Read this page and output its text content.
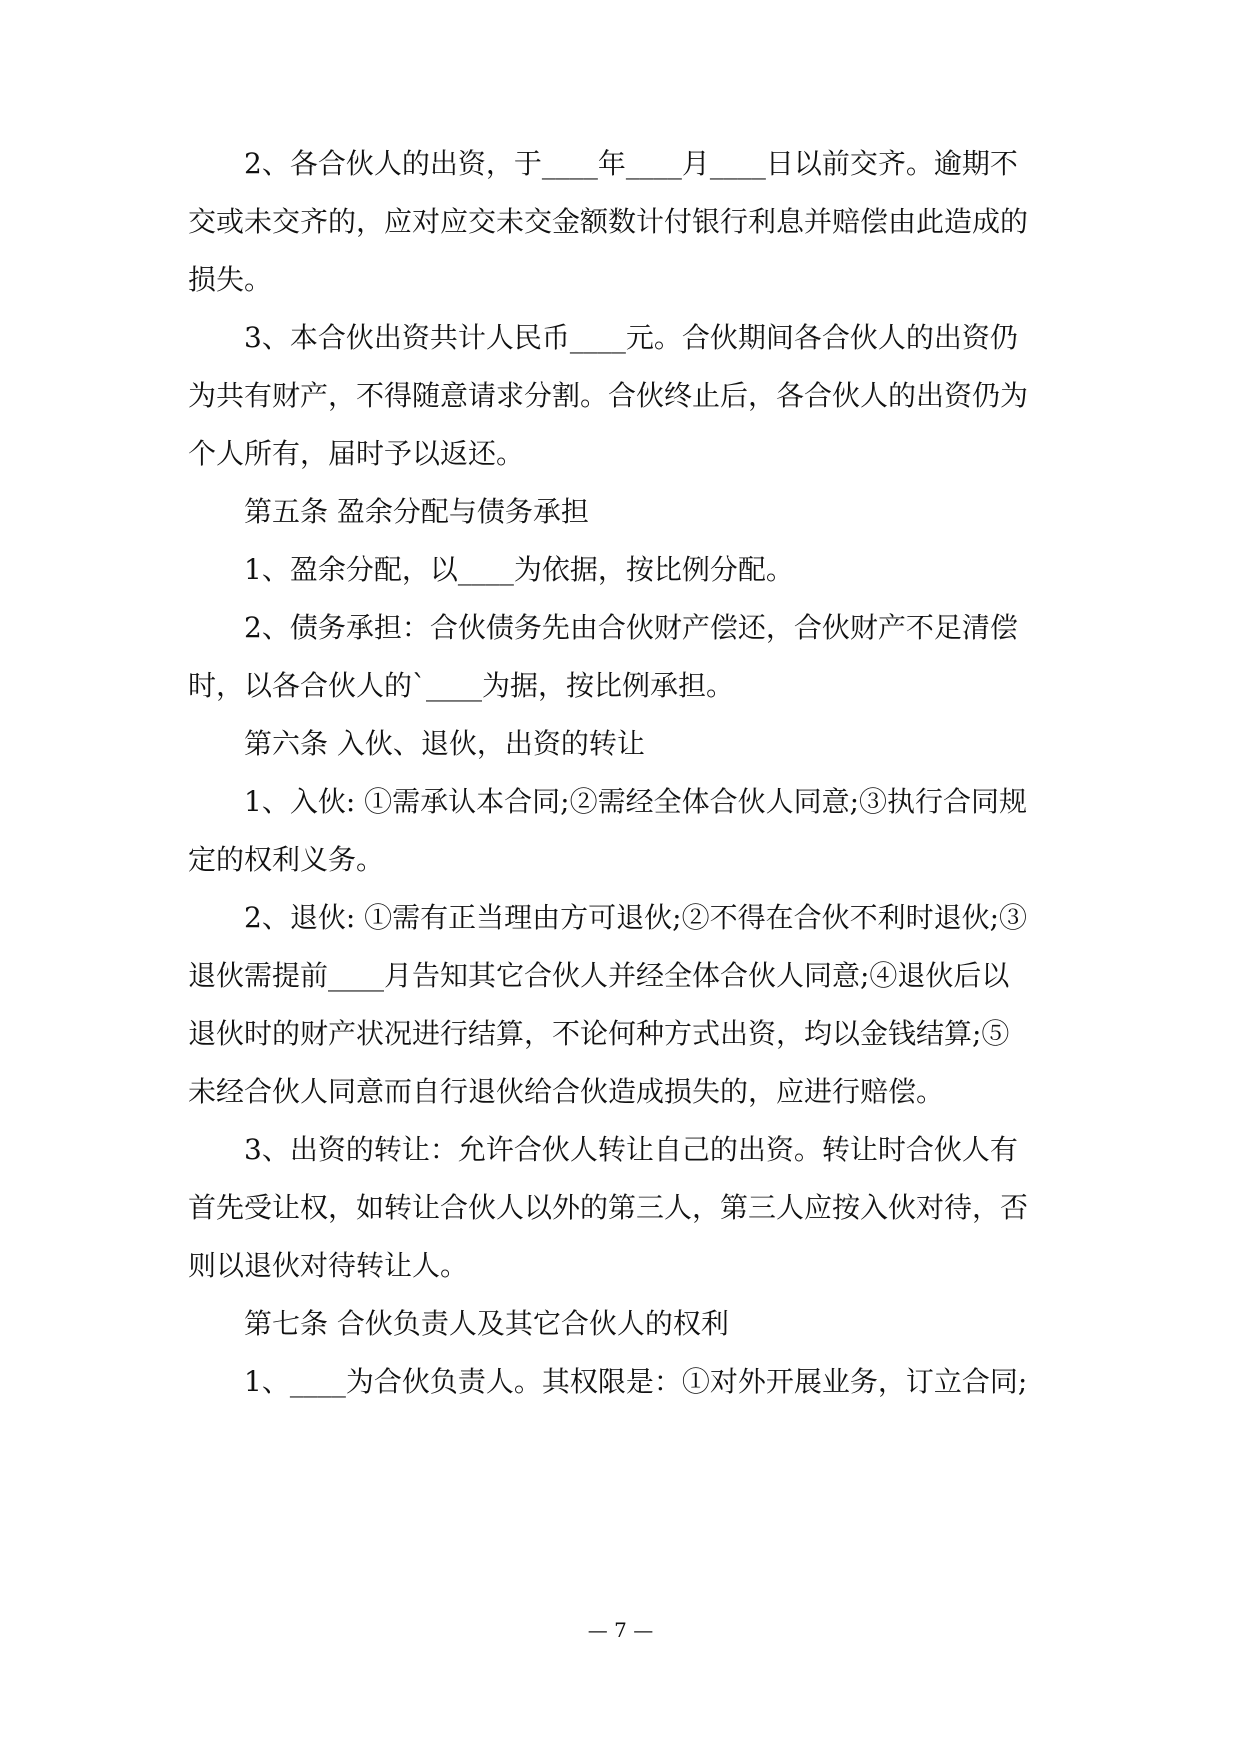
2、各合伙人的出资，于____年____月____日以前交齐。逾期不
交或未交齐的，应对应交未交金额数计付银行利息并赔偿由此造成的
损失。
3、本合伙出资共计人民币____元。合伙期间各合伙人的出资仍
为共有财产，不得随意请求分割。合伙终止后，各合伙人的出资仍为
个人所有，届时予以返还。
第五条 盈余分配与债务承担
1、盈余分配，以____为依据，按比例分配。
2、债务承担：合伙债务先由合伙财产偿还，合伙财产不足清偿
时，以各合伙人的`____为据，按比例承担。
第六条 入伙、退伙，出资的转让
1、入伙: ①需承认本合同;②需经全体合伙人同意;③执行合同规
定的权利义务。
2、退伙: ①需有正当理由方可退伙;②不得在合伙不利时退伙;③
退伙需提前____月告知其它合伙人并经全体合伙人同意;④退伙后以
退伙时的财产状况进行结算，不论何种方式出资，均以金钱结算;⑤
未经合伙人同意而自行退伙给合伙造成损失的，应进行赔偿。
3、出资的转让：允许合伙人转让自己的出资。转让时合伙人有
首先受让权，如转让合伙人以外的第三人，第三人应按入伙对待，否
则以退伙对待转让人。
第七条 合伙负责人及其它合伙人的权利
1、____为合伙负责人。其权限是：①对外开展业务，订立合同;
— 7 —
